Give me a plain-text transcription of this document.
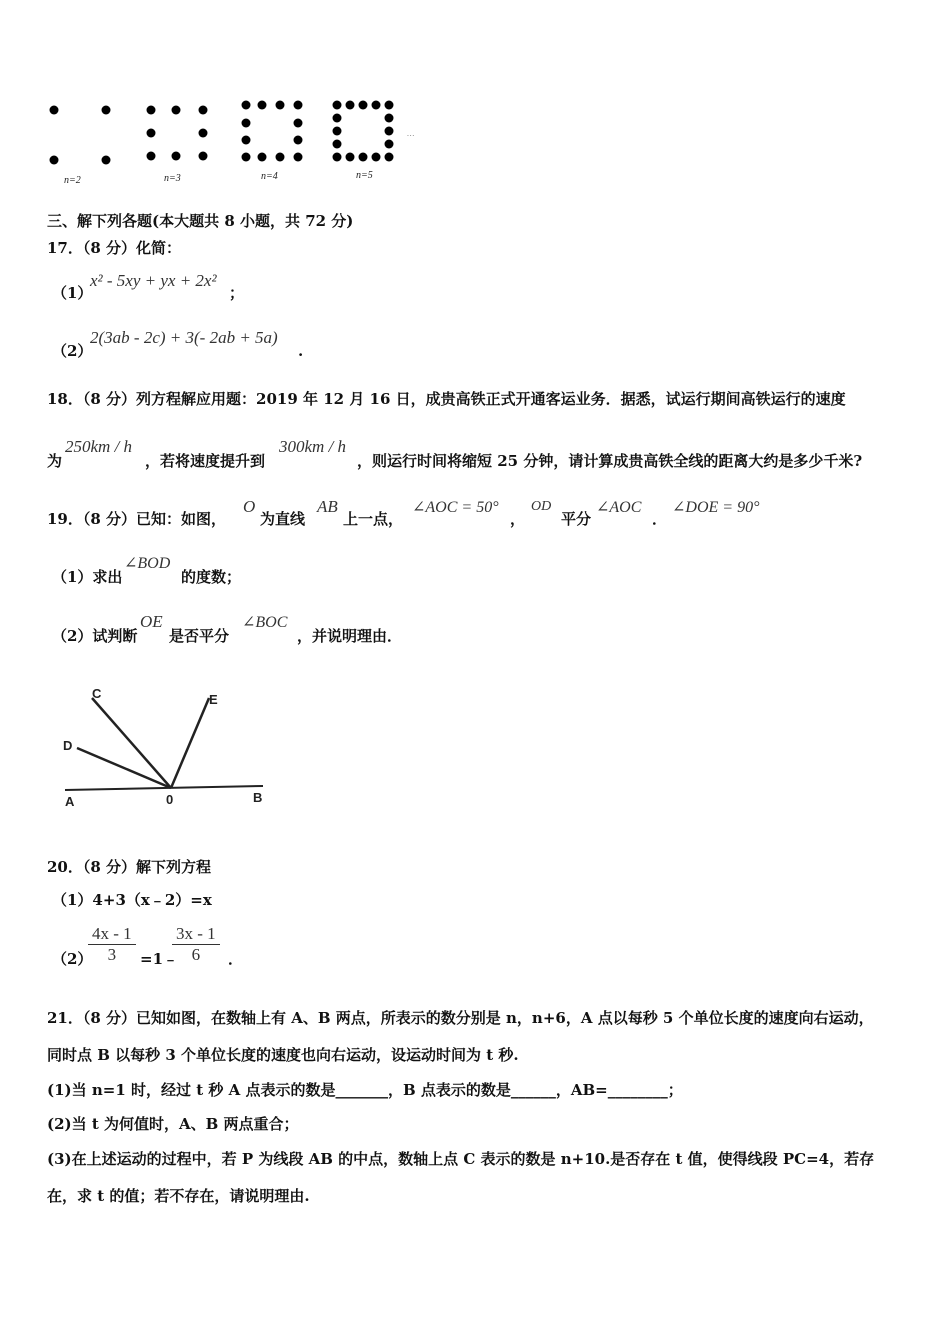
n=2	n=3	n=4	n=5
⋯
三、解下列各题(本大题共 8 小题，共 72 分)
17．（8 分）化简：
（1）
x² - 5xy + yx + 2x²
；
（2）
2(3ab - 2c) + 3(- 2ab + 5a)
.
18．（8 分）列方程解应用题：2019 年 12 月 16 日，成贵高铁正式开通客运业务．据悉，试运行期间高铁运行的速度
为
250km / h
，若将速度提升到
300km / h
，则运行时间将缩短 25 分钟，请计算成贵高铁全线的距离大约是多少千米?
19．（8 分）已知：如图，
O
为直线
AB
上一点，
∠AOC = 50°
，
OD
平分
∠AOC
．
∠DOE = 90°
（1）求出
∠BOD
的度数；
（2）试判断
OE
是否平分
∠BOC
，并说明理由．
C
D
E
A	0	B
20．（8 分）解下列方程
（1）4+3（x﹣2）=x
（2）
$\frac{4x - 1}{3}$ =1﹣
$\frac{3x - 1}{6}$ ．
21．（8 分）已知如图，在数轴上有 A、B 两点，所表示的数分别是 n，n+6，A 点以每秒 5 个单位长度的速度向右运动，
同时点 B 以每秒 3 个单位长度的速度也向右运动，设运动时间为 t 秒.
(1)当 n=1 时，经过 t 秒 A 点表示的数是_______，B 点表示的数是______，AB=________；
(2)当 t 为何值时，A、B 两点重合；
(3)在上述运动的过程中，若 P 为线段 AB 的中点，数轴上点 C 表示的数是 n+10.是否存在 t 值，使得线段 PC=4，若存
在，求 t 的值；若不存在，请说明理由.
